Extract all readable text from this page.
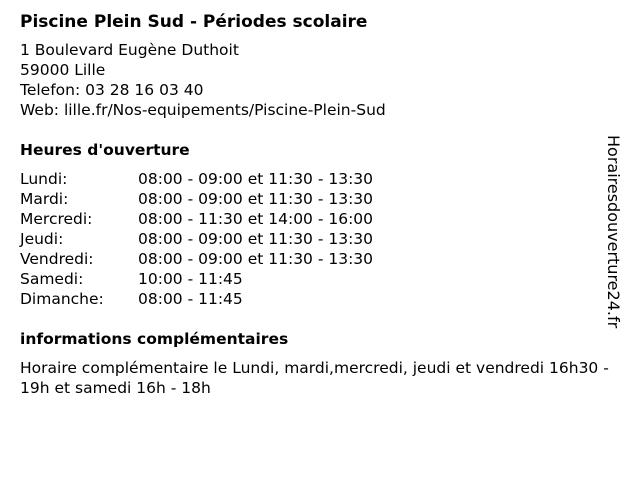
Piscine Plein Sud - Périodes scolaire
1 Boulevard Eugène Duthoit
59000 Lille
Telefon: 03 28 16 03 40
Web: lille.fr/Nos-equipements/Piscine-Plein-Sud
Heures d'ouverture
Lundi:	08:00 - 09:00 et 11:30 - 13:30
Mardi:	08:00 - 09:00 et 11:30 - 13:30
Mercredi:	08:00 - 11:30 et 14:00 - 16:00
Jeudi:	08:00 - 09:00 et 11:30 - 13:30
Vendredi:	08:00 - 09:00 et 11:30 - 13:30
Samedi:	10:00 - 11:45
Dimanche:	08:00 - 11:45
informations complémentaires
Horaire complémentaire le Lundi, mardi,mercredi, jeudi et vendredi 16h30 - 19h et samedi 16h - 18h
Horairesdouverture24.fr
